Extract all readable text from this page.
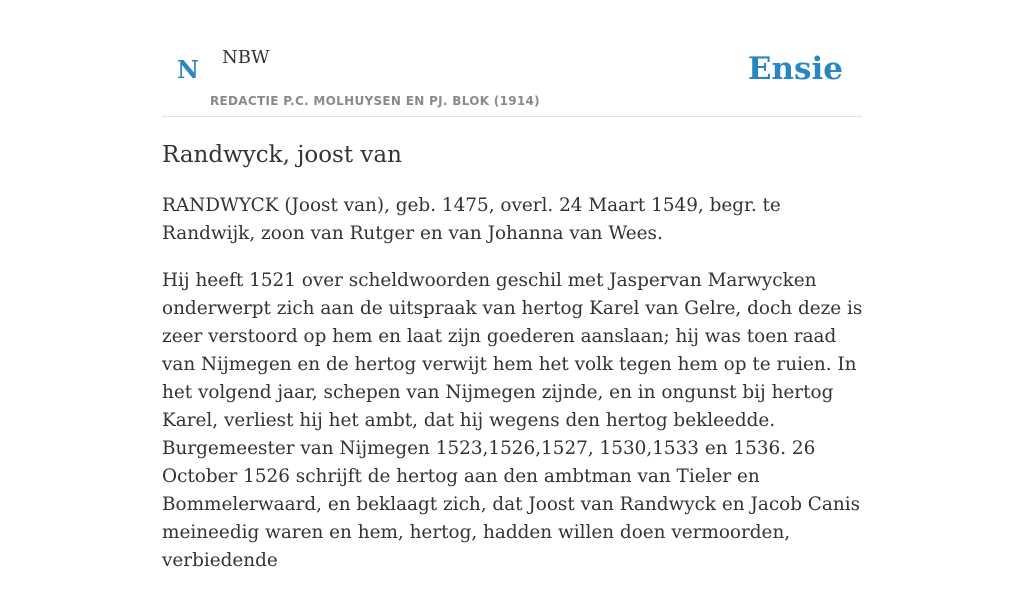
N NBW
REDACTIE P.C. MOLHUYSEN EN PJ. BLOK (1914)
Ensie
Randwyck, joost van

RANDWYCK (Joost van), geb. 1475, overl. 24 Maart 1549, begr. te Randwijk, zoon van Rutger en van Johanna van Wees.

Hij heeft 1521 over scheldwoorden geschil met Jaspervan Marwycken onderwerpt zich aan de uitspraak van hertog Karel van Gelre, doch deze is zeer verstoord op hem en laat zijn goederen aanslaan; hij was toen raad van Nijmegen en de hertog verwijt hem het volk tegen hem op te ruien. In het volgend jaar, schepen van Nijmegen zijnde, en in ongunst bij hertog Karel, verliest hij het ambt, dat hij wegens den hertog bekleedde. Burgemeester van Nijmegen 1523,1526,1527, 1530,1533 en 1536. 26 October 1526 schrijft de hertog aan den ambtman van Tieler en Bommelerwaard, en beklaagt zich, dat Joost van Randwyck en Jacob Canis meineedig waren en hem, hertog, hadden willen doen vermoorden, verbiedende
